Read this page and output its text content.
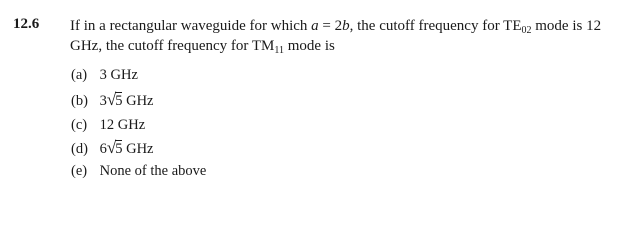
12.6 If in a rectangular waveguide for which a = 2b, the cutoff frequency for $TE_{02}$ mode is 12 GHz, the cutoff frequency for $TM_{11}$ mode is
(a) 3 GHz
(b) 3√5 GHz
(c) 12 GHz
(d) 6√5 GHz
(e) None of the above
